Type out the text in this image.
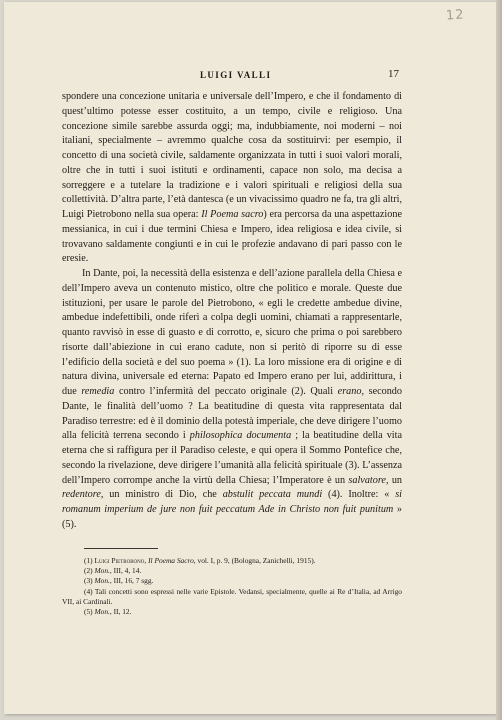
12
LUIGI VALLI	17

spondere una concezione unitaria e universale dell’Impero, e che il fondamento di quest’ultimo potesse esser costituito, a un tempo, civile e religioso. Una concezione simile sarebbe assurda oggi; ma, indubbiamente, noi moderni – noi italiani, specialmente – avremmo qualche cosa da sostituirvi: per esempio, il concetto di una società civile, saldamente organizzata in tutti i suoi valori morali, oltre che in tutti i suoi istituti e ordinamenti, capace non solo, ma decisa a sorreggere e a tutelare la tradizione e i valori spirituali e religiosi della sua collettività. D’altra parte, l’età dantesca (e un vivacissimo quadro ne fa, tra gli altri, Luigi Pietrobono nella sua opera: Il Poema sacro) era percorsa da una aspettazione messianica, in cui i due termini Chiesa e Impero, idea religiosa e idea civile, si trovavano saldamente congiunti e in cui le profezie andavano di pari passo con le eresie.

In Dante, poi, la necessità della esistenza e dell’azione parallela della Chiesa e dell’Impero aveva un contenuto mistico, oltre che politico e morale. Queste due istituzioni, per usare le parole del Pietrobono, « egli le credette ambedue divine, ambedue indefettibili, onde riferì a colpa degli uomini, chiamati a rappresentarle, quanto ravvisò in esse di guasto e di corrotto, e, sicuro che prima o poi sarebbero risorte dall’abiezione in cui erano cadute, non si peritò di riporre su di esse l’edificio della società e del suo poema » (1). La loro missione era di origine e di natura divina, universale ed eterna: Papato ed Impero erano per lui, addirittura, i due remedia contro l’infermità del peccato originale (2). Quali erano, secondo Dante, le finalità dell’uomo ? La beatitudine di questa vita rappresentata dal Paradiso terrestre: ed è il dominio della potestà imperiale, che deve dirigere l’uomo alla felicità terrena secondo i philosophica documenta ; la beatitudine della vita eterna che si raffigura per il Paradiso celeste, e qui opera il Sommo Pontefice che, secondo la rivelazione, deve dirigere l’umanità alla felicità spirituale (3). L’assenza dell’Impero corrompe anche la virtù della Chiesa; l’Imperatore è un salvatore, un redentore, un ministro di Dio, che abstulit peccata mundi (4). Inoltre: « si romanum imperium de jure non fuit peccatum Ade in Christo non fuit punitum » (5).

(1) Luigi Pietrobono, Il Poema Sacro, vol. I, p. 9, (Bologna, Zanichelli, 1915).
(2) Mon., III, 4, 14.
(3) Mon., III, 16, 7 sgg.
(4) Tali concetti sono espressi nelle varie Epistole. Vedansi, specialmente, quelle ai Re d’Italia, ad Arrigo VII, ai Cardinali.
(5) Mon., II, 12.
